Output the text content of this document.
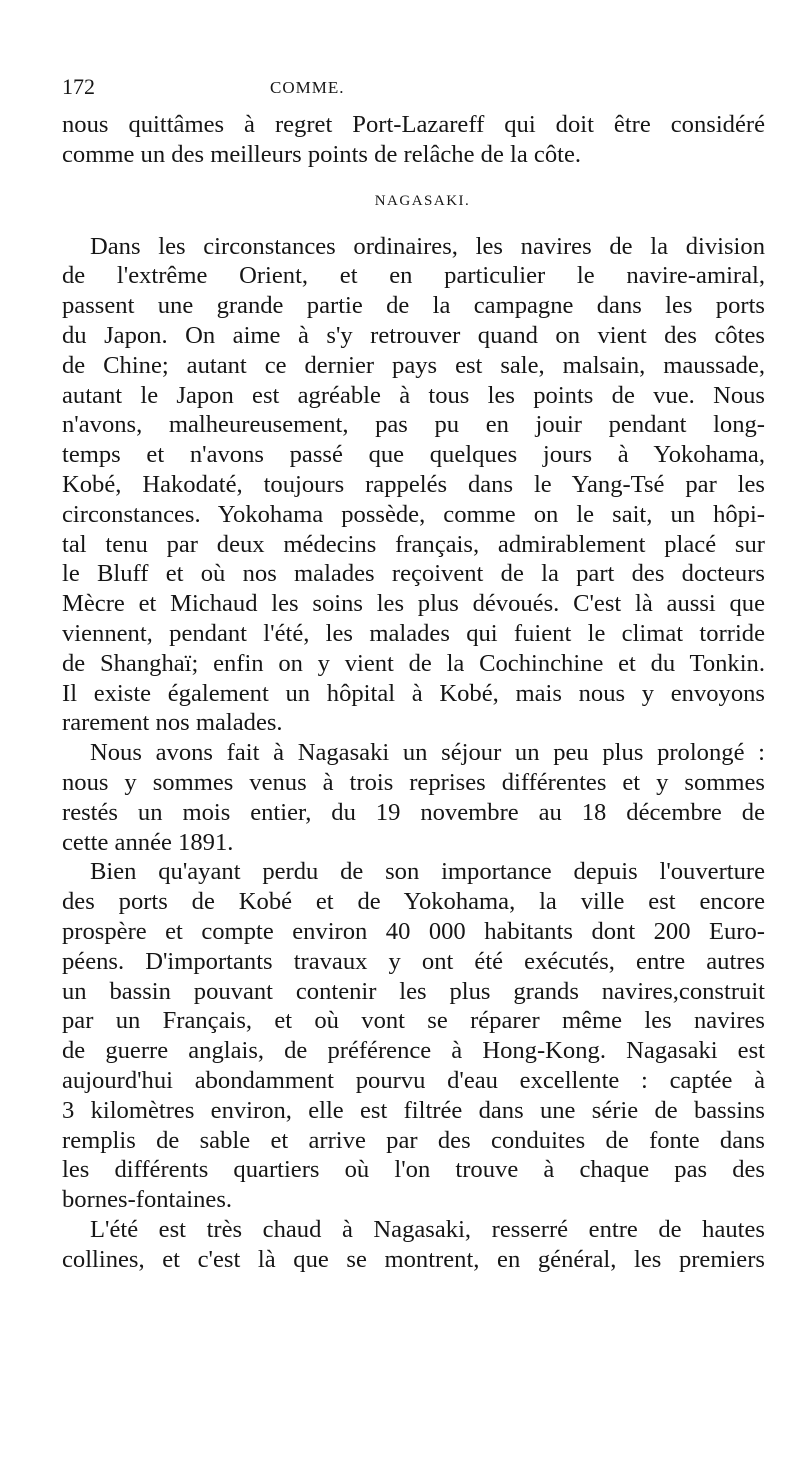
172	COMME.
nous quittâmes à regret Port-Lazareff qui doit être considéré
comme un des meilleurs points de relâche de la côte.
NAGASAKI.
Dans les circonstances ordinaires, les navires de la division
de l'extrême Orient, et en particulier le navire-amiral,
passent une grande partie de la campagne dans les ports
du Japon. On aime à s'y retrouver quand on vient des côtes
de Chine; autant ce dernier pays est sale, malsain, maussade,
autant le Japon est agréable à tous les points de vue. Nous
n'avons, malheureusement, pas pu en jouir pendant long-
temps et n'avons passé que quelques jours à Yokohama,
Kobé, Hakodaté, toujours rappelés dans le Yang-Tsé par les
circonstances. Yokohama possède, comme on le sait, un hôpi-
tal tenu par deux médecins français, admirablement placé sur
le Bluff et où nos malades reçoivent de la part des docteurs
Mècre et Michaud les soins les plus dévoués. C'est là aussi que
viennent, pendant l'été, les malades qui fuient le climat torride
de Shanghaï; enfin on y vient de la Cochinchine et du Tonkin.
Il existe également un hôpital à Kobé, mais nous y envoyons
rarement nos malades.
Nous avons fait à Nagasaki un séjour un peu plus prolongé :
nous y sommes venus à trois reprises différentes et y sommes
restés un mois entier, du 19 novembre au 18 décembre de
cette année 1891.
Bien qu'ayant perdu de son importance depuis l'ouverture
des ports de Kobé et de Yokohama, la ville est encore
prospère et compte environ 40 000 habitants dont 200 Euro-
péens. D'importants travaux y ont été exécutés, entre autres
un bassin pouvant contenir les plus grands navires,construit
par un Français, et où vont se réparer même les navires
de guerre anglais, de préférence à Hong-Kong. Nagasaki est
aujourd'hui abondamment pourvu d'eau excellente : captée à
3 kilomètres environ, elle est filtrée dans une série de bassins
remplis de sable et arrive par des conduites de fonte dans
les différents quartiers où l'on trouve à chaque pas des
bornes-fontaines.
L'été est très chaud à Nagasaki, resserré entre de hautes
collines, et c'est là que se montrent, en général, les premiers
